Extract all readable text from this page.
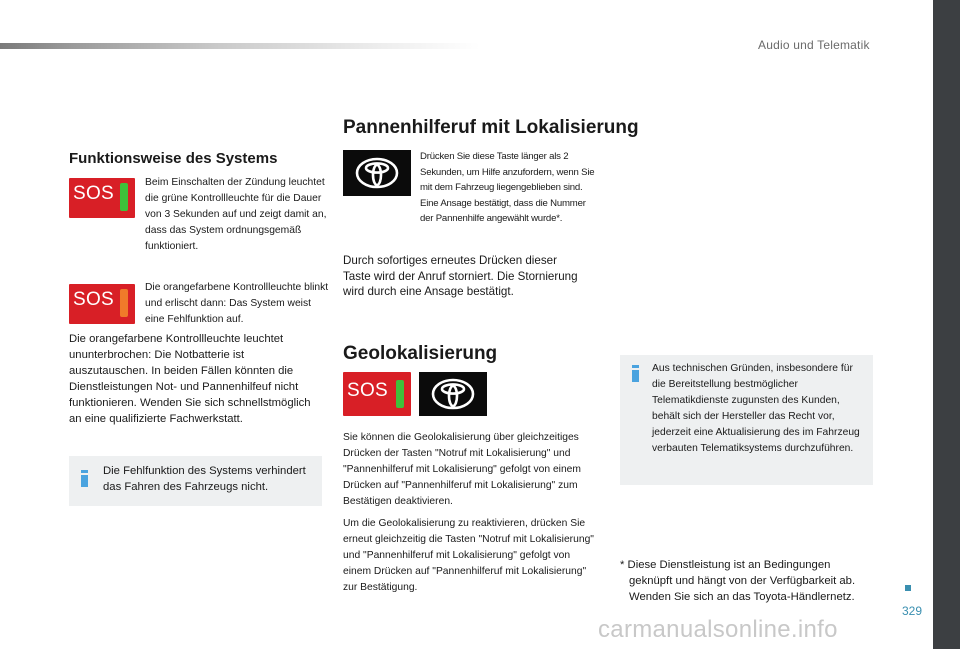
Audio und Telematik
329
Funktionsweise des Systems
SOS
Beim Einschalten der Zündung leuchtet die grüne Kontrollleuchte für die Dauer von 3 Sekunden auf und zeigt damit an, dass das System ordnungsgemäß funktioniert.
SOS
Die orangefarbene Kontrollleuchte blinkt und erlischt dann: Das System weist eine Fehlfunktion auf.
Die orangefarbene Kontrollleuchte leuchtet ununterbrochen: Die Notbatterie ist auszutauschen. In beiden Fällen könnten die Dienstleistungen Not- und Pannenhilfeuf nicht funktionieren. Wenden Sie sich schnellstmöglich an eine qualifizierte Fachwerkstatt.
Die Fehlfunktion des Systems verhindert das Fahren des Fahrzeugs nicht.
Pannenhilferuf mit Lokalisierung
Drücken Sie diese Taste länger als 2 Sekunden, um Hilfe anzufordern, wenn Sie mit dem Fahrzeug liegengeblieben sind. Eine Ansage bestätigt, dass die Nummer der Pannenhilfe angewählt wurde*.
Durch sofortiges erneutes Drücken dieser Taste wird der Anruf storniert. Die Stornierung wird durch eine Ansage bestätigt.
Geolokalisierung
SOS
Sie können die Geolokalisierung über gleichzeitiges Drücken der Tasten "Notruf mit Lokalisierung" und "Pannenhilferuf mit Lokalisierung" gefolgt von einem Drücken auf "Pannenhilferuf mit Lokalisierung" zum Bestätigen deaktivieren.
Um die Geolokalisierung zu reaktivieren, drücken Sie erneut gleichzeitig die Tasten "Notruf mit Lokalisierung" und "Pannenhilferuf mit Lokalisierung" gefolgt von einem Drücken auf "Pannenhilferuf mit Lokalisierung" zur Bestätigung.
Aus technischen Gründen, insbesondere für die Bereitstellung bestmöglicher Telematikdienste zugunsten des Kunden, behält sich der Hersteller das Recht vor, jederzeit eine Aktualisierung des im Fahrzeug verbauten Telematiksystems durchzuführen.
* Diese Dienstleistung ist an Bedingungen geknüpft und hängt von der Verfügbarkeit ab. Wenden Sie sich an das Toyota-Händlernetz.
carmanualsonline.info
